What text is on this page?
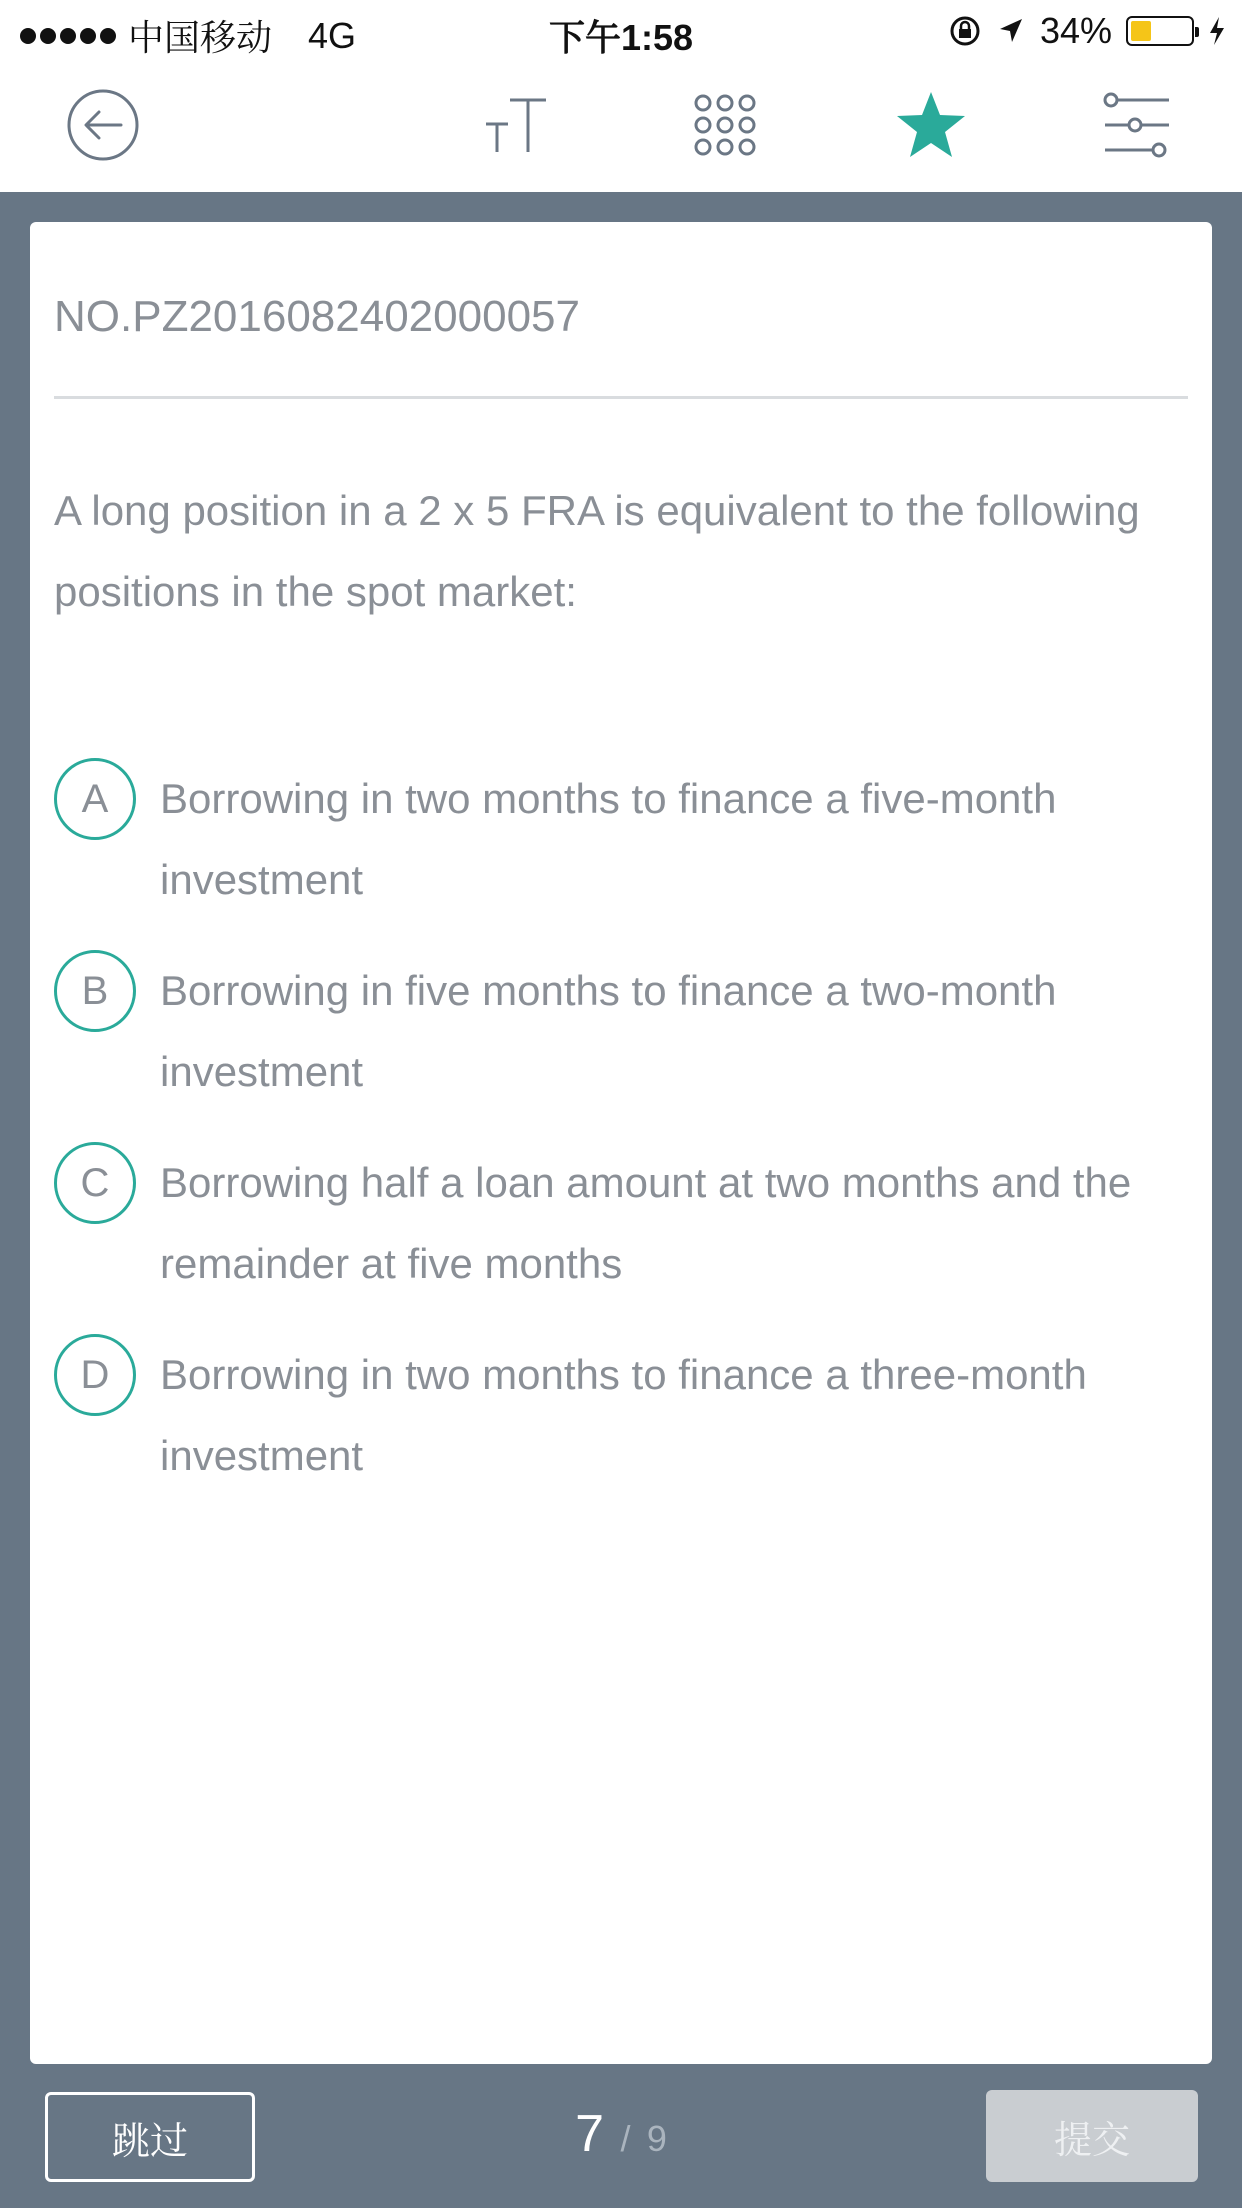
中国移动 4G	下午1:58	34%
NO.PZ2016082402000057
A long position in a 2 x 5 FRA is equivalent to the following positions in the spot market:
A	Borrowing in two months to finance a five-month investment
B	Borrowing in five months to finance a two-month investment
C	Borrowing half a loan amount at two months and the remainder at five months
D	Borrowing in two months to finance a three-month investment
跳过	7 / 9	提交
